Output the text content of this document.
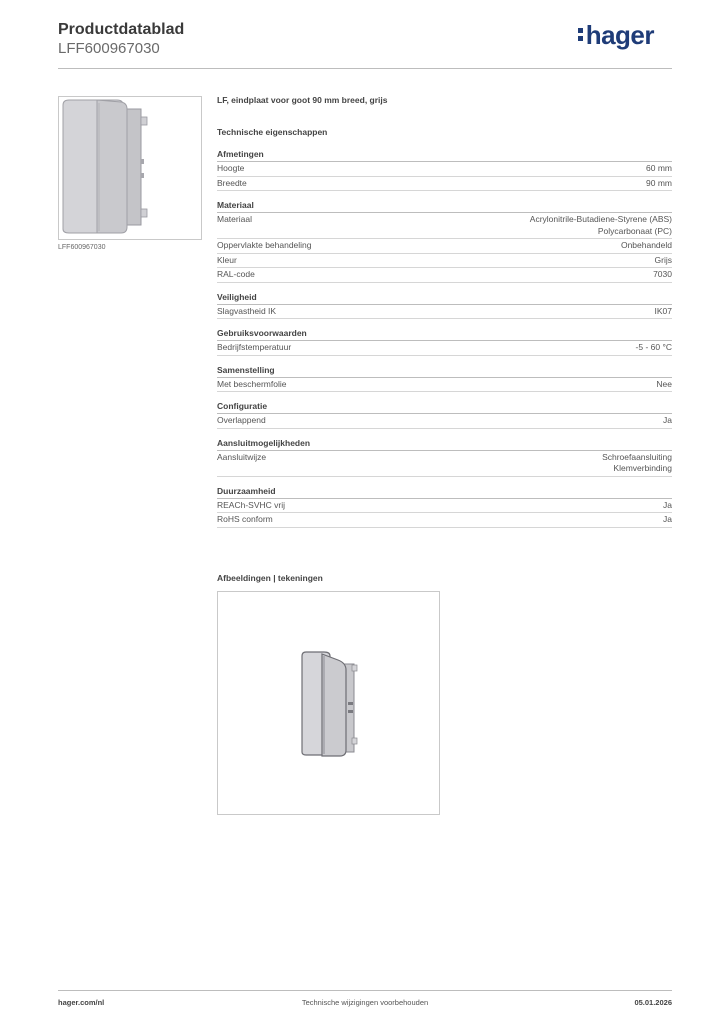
Productdatablad
LFF600967030	hager
LFF600967030
LF, eindplaat voor goot 90 mm breed, grijs
Technische eigenschappen
Afmetingen
Hoogte	60 mm
Breedte	90 mm
Materiaal
Materiaal	Acrylonitrile-Butadiene-Styrene (ABS)
Polycarbonaat (PC)
Oppervlakte behandeling	Onbehandeld
Kleur	Grijs
RAL-code	7030
Veiligheid
Slagvastheid IK	IK07
Gebruiksvoorwaarden
Bedrijfstemperatuur	-5 - 60 °C
Samenstelling
Met beschermfolie	Nee
Configuratie
Overlappend	Ja
Aansluitmogelijkheden
Aansluitwijze	Schroefaansluiting
Klemverbinding
Duurzaamheid
REACh-SVHC vrij	Ja
RoHS conform	Ja
Afbeeldingen | tekeningen
hager.com/nl	Technische wijzigingen voorbehouden	05.01.2026
